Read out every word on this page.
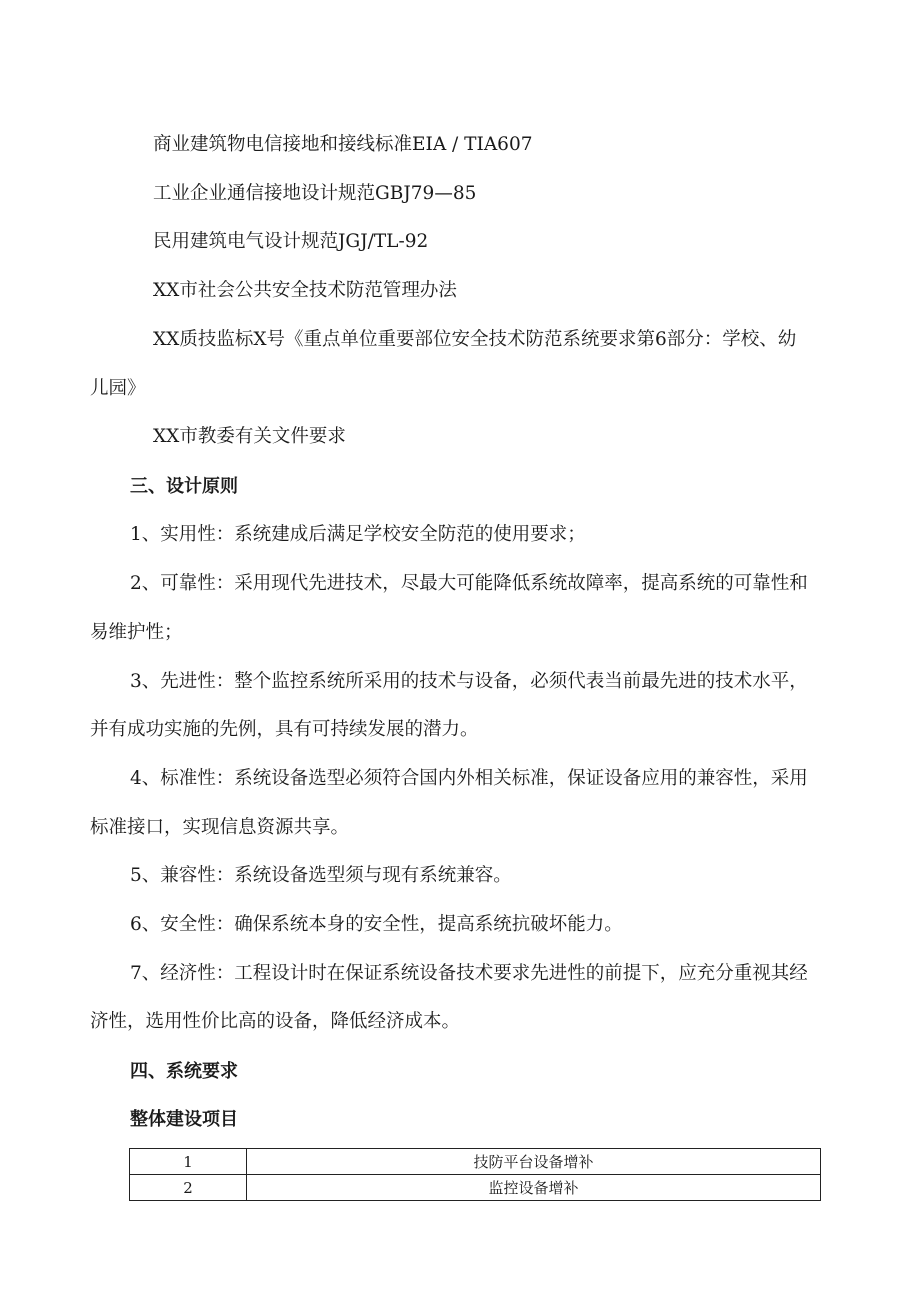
商业建筑物电信接地和接线标准EIA / TIA607
工业企业通信接地设计规范GBJ79—85
民用建筑电气设计规范JGJ/TL-92
XX市社会公共安全技术防范管理办法
XX质技监标X号《重点单位重要部位安全技术防范系统要求第6部分：学校、幼
儿园》
XX市教委有关文件要求
三、设计原则
1、实用性：系统建成后满足学校安全防范的使用要求；
2、可靠性：采用现代先进技术，尽最大可能降低系统故障率，提高系统的可靠性和
易维护性；
3、先进性：整个监控系统所采用的技术与设备，必须代表当前最先进的技术水平，
并有成功实施的先例，具有可持续发展的潜力。
4、标准性：系统设备选型必须符合国内外相关标准，保证设备应用的兼容性，采用
标准接口，实现信息资源共享。
5、兼容性：系统设备选型须与现有系统兼容。
6、安全性：确保系统本身的安全性，提高系统抗破坏能力。
7、经济性：工程设计时在保证系统设备技术要求先进性的前提下，应充分重视其经
济性，选用性价比高的设备，降低经济成本。
四、系统要求
整体建设项目
1	技防平台设备增补
2	监控设备增补
